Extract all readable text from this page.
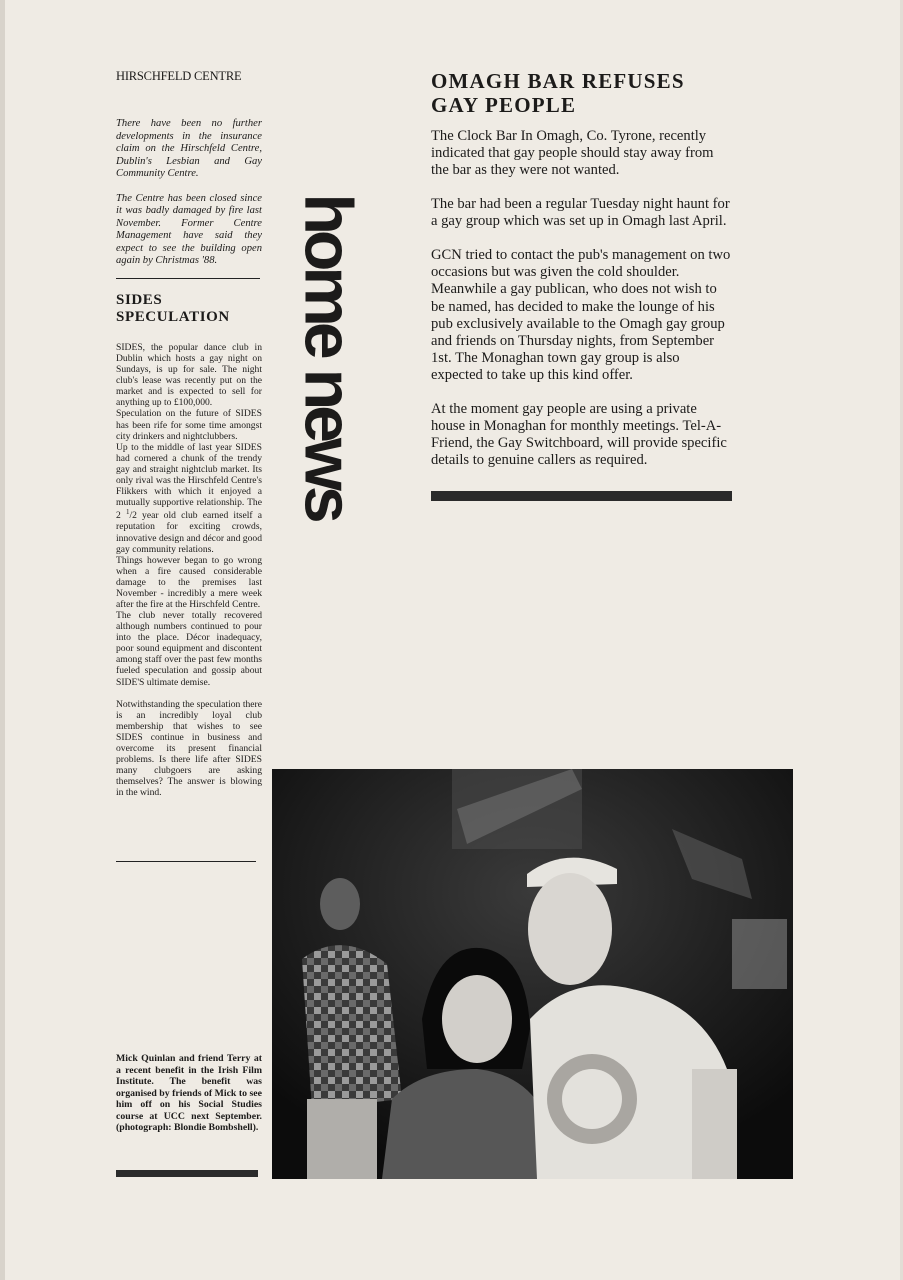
HIRSCHFELD CENTRE

There have been no further developments in the insurance claim on the Hirschfeld Centre, Dublin's Lesbian and Gay Community Centre.

The Centre has been closed since it was badly damaged by fire last November. Former Centre Management have said they expect to see the building open again by Christmas '88.

SIDES SPECULATION

SIDES, the popular dance club in Dublin which hosts a gay night on Sundays, is up for sale. The night club's lease was recently put on the market and is expected to sell for anything up to £100,000.

Speculation on the future of SIDES has been rife for some time amongst city drinkers and nightclubbers.

Up to the middle of last year SIDES had cornered a chunk of the trendy gay and straight nightclub market. Its only rival was the Hirschfeld Centre's Flikkers with which it enjoyed a mutually supportive relationship. The 2 $^1$/2 year old club earned itself a reputation for exciting crowds, innovative design and décor and good gay community relations.

Things however began to go wrong when a fire caused considerable damage to the premises last November - incredibly a mere week after the fire at the Hirschfeld Centre.

The club never totally recovered although numbers continued to pour into the place. Décor inadequacy, poor sound equipment and discontent among staff over the past few months fueled speculation and gossip about SIDE'S ultimate demise.

Notwithstanding the speculation there is an incredibly loyal club membership that wishes to see SIDES continue in business and overcome its present financial problems. Is there life after SIDES many clubgoers are asking themselves? The answer is blowing in the wind.

Mick Quinlan and friend Terry at a recent benefit in the Irish Film Institute. The benefit was organised by friends of Mick to see him off on his Social Studies course at UCC next September. (photograph: Blondie Bombshell).
home news
OMAGH BAR REFUSES GAY PEOPLE

The Clock Bar In Omagh, Co. Tyrone, recently indicated that gay people should stay away from the bar as they were not wanted.

The bar had been a regular Tuesday night haunt for a gay group which was set up in Omagh last April.

GCN tried to contact the pub's management on two occasions but was given the cold shoulder. Meanwhile a gay publican, who does not wish to be named, has decided to make the lounge of his pub exclusively available to the Omagh gay group and friends on Thursday nights, from September 1st. The Monaghan town gay group is also expected to take up this kind offer.

At the moment gay people are using a private house in Monaghan for monthly meetings. Tel-A-Friend, the Gay Switchboard, will provide specific details to genuine callers as required.
